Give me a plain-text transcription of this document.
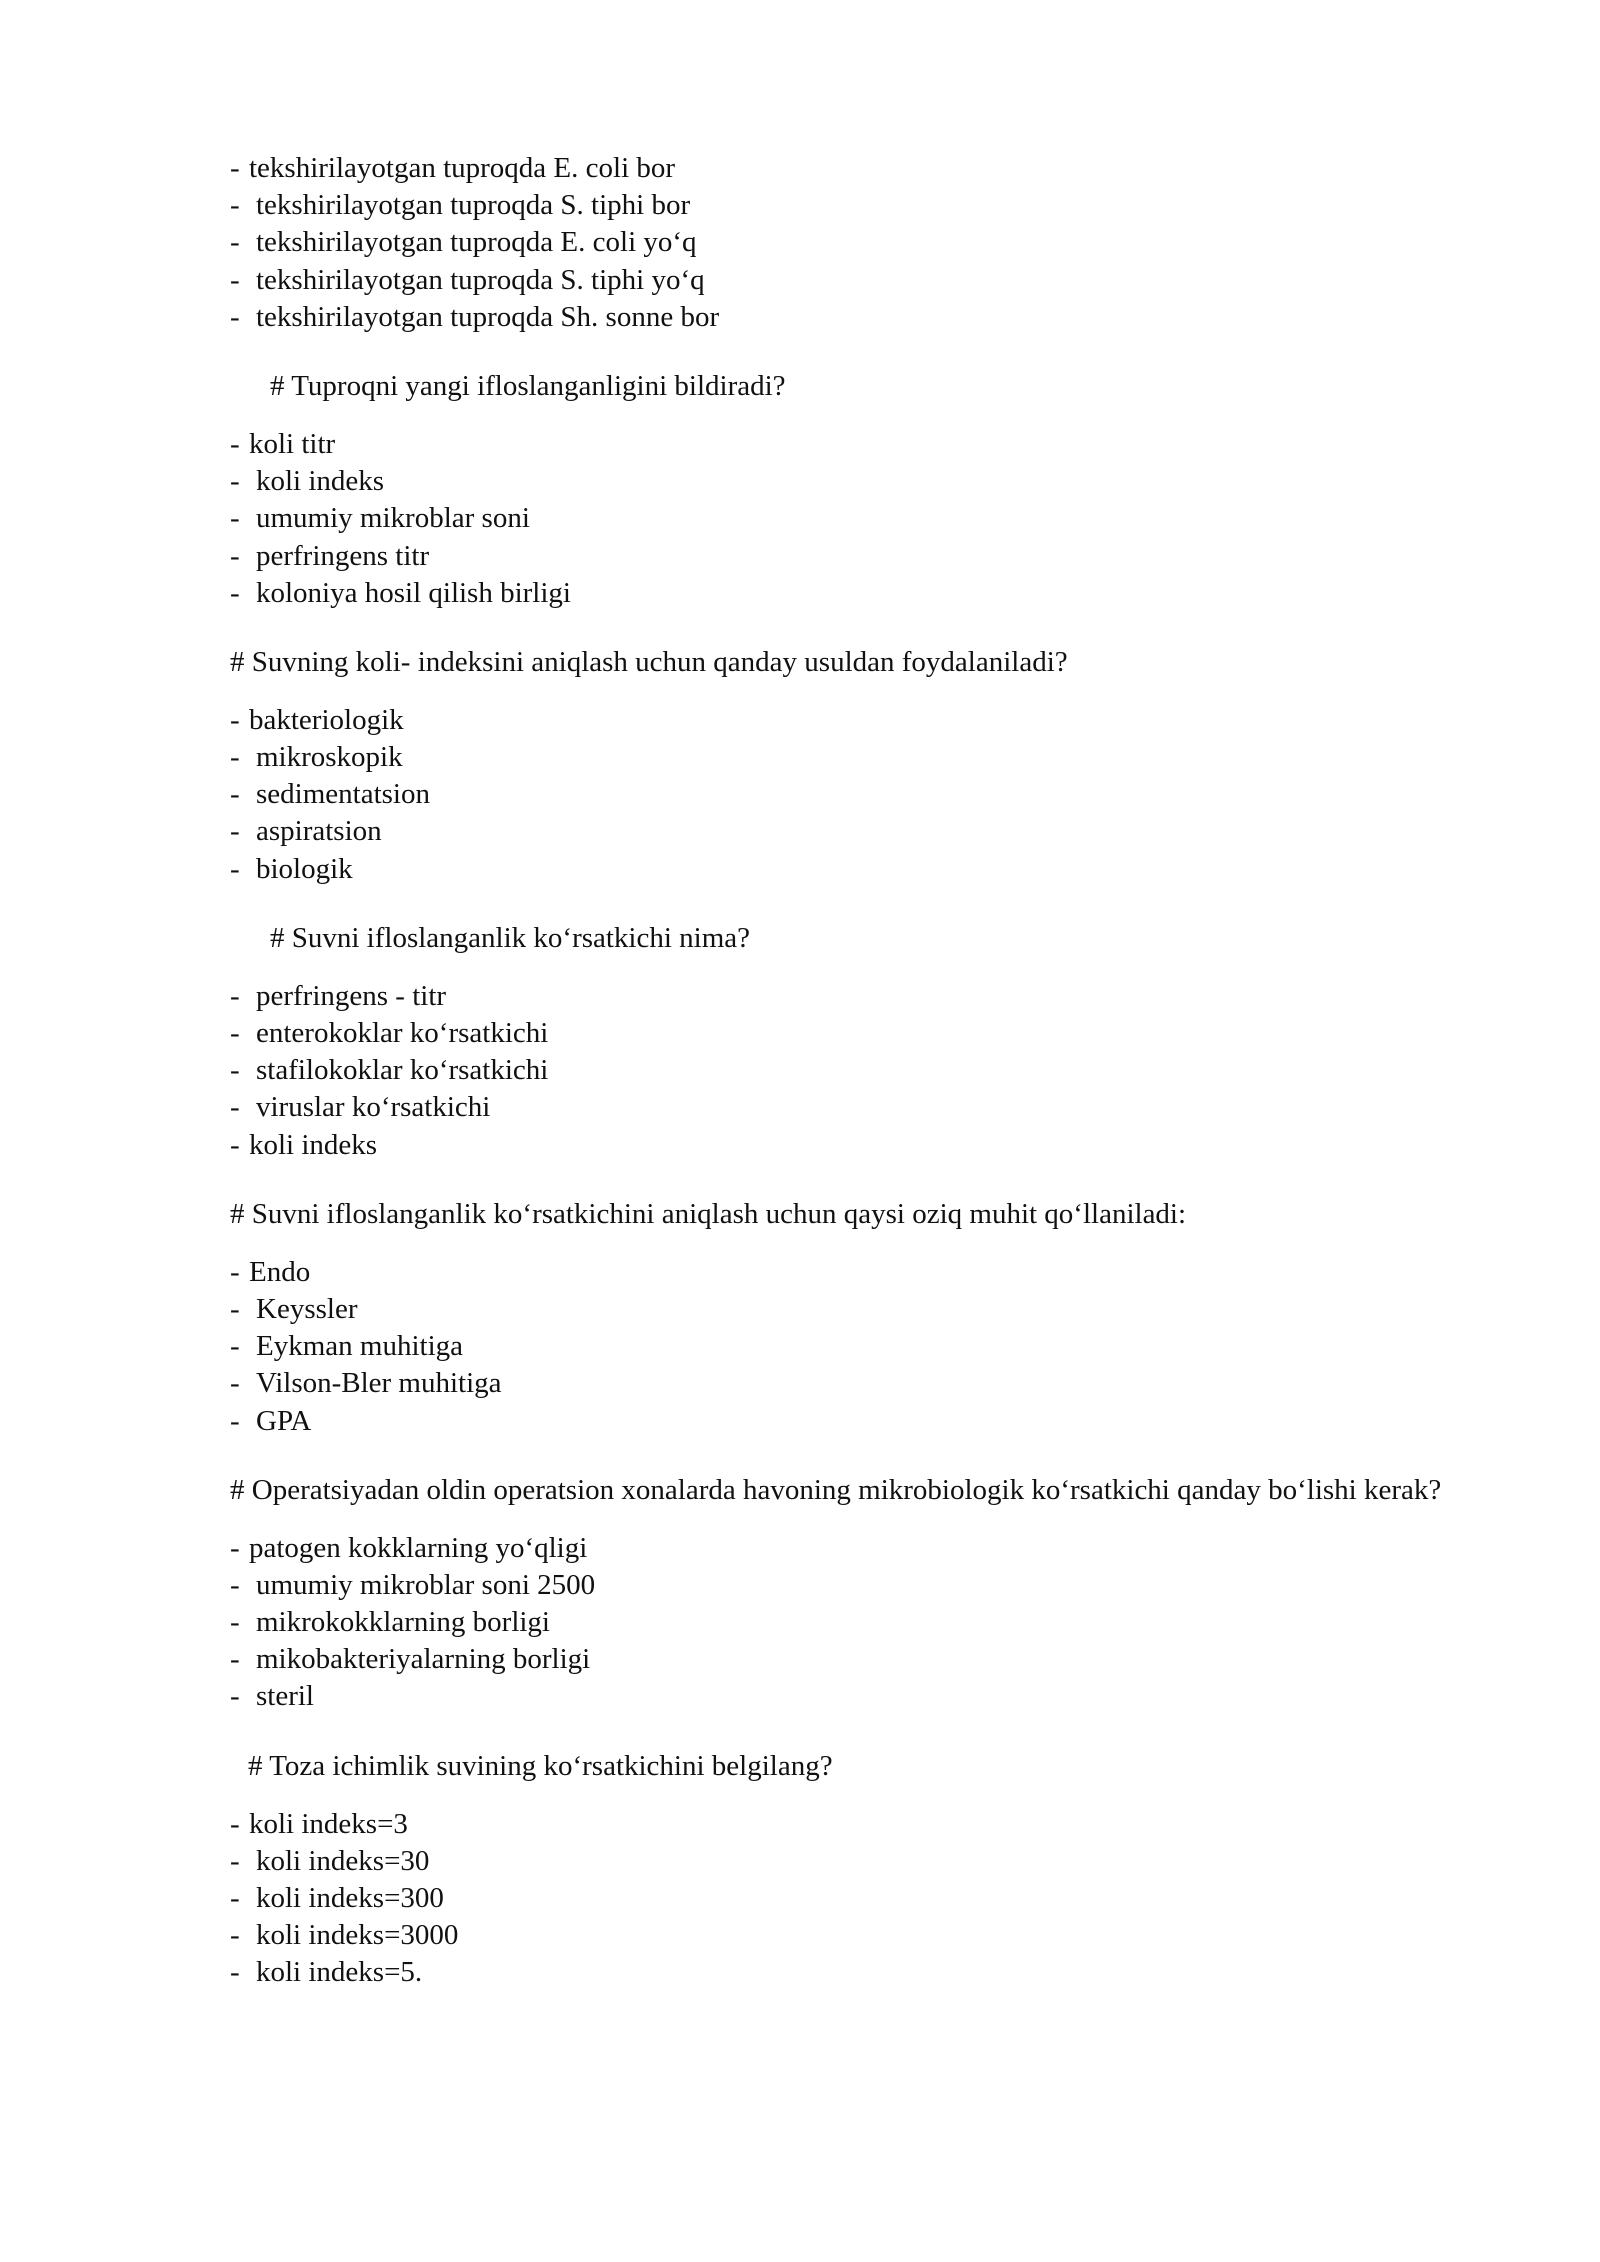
- tekshirilayotgan tuproqda E. coli bor
- tekshirilayotgan tuproqda S. tiphi bor
- tekshirilayotgan tuproqda E. coli yo‘q
- tekshirilayotgan tuproqda S. tiphi yo‘q
- tekshirilayotgan tuproqda Sh. sonne bor

# Tuproqni yangi ifloslanganligini bildiradi?

- koli titr
- koli indeks
- umumiy mikroblar soni
- perfringens titr
- koloniya hosil qilish birligi

# Suvning koli- indeksini aniqlash uchun qanday usuldan foydalaniladi?

- bakteriologik
- mikroskopik
- sedimentatsion
- aspiratsion
- biologik

# Suvni ifloslanganlik ko‘rsatkichi nima?

- perfringens - titr
- enterokoklar ko‘rsatkichi
- stafilokoklar ko‘rsatkichi
- viruslar ko‘rsatkichi
- koli indeks

# Suvni ifloslanganlik ko‘rsatkichini aniqlash uchun qaysi oziq muhit qo‘llaniladi:

- Endo
- Keyssler
- Eykman muhitiga
- Vilson-Bler muhitiga
- GPA

# Operatsiyadan oldin operatsion xonalarda havoning mikrobiologik ko‘rsatkichi qanday bo‘lishi kerak?

- patogen kokklarning yo‘qligi
- umumiy mikroblar soni 2500
- mikrokokklarning borligi
- mikobakteriyalarning borligi
- steril

# Toza ichimlik suvining ko‘rsatkichini belgilang?

- koli indeks=3
- koli indeks=30
- koli indeks=300
- koli indeks=3000
- koli indeks=5.
